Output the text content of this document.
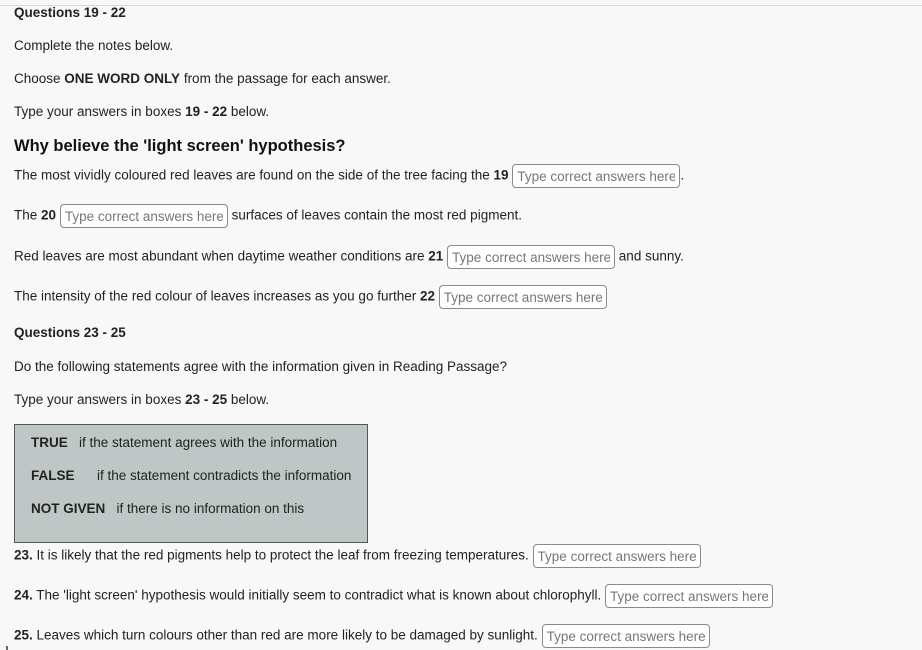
Questions 19 - 22
Complete the notes below.
Choose ONE WORD ONLY from the passage for each answer.
Type your answers in boxes 19 - 22 below.
Why believe the 'light screen' hypothesis?
The most vividly coloured red leaves are found on the side of the tree facing the 19 Type correct answers here.	.
The 20 Type correct answers here.	surfaces of leaves contain the most red pigment.
Red leaves are most abundant when daytime weather conditions are 21 Type correct answers here.	and sunny.
The intensity of the red colour of leaves increases as you go further 22 Type correct answers here.
Questions 23 - 25
Do the following statements agree with the information given in Reading Passage?
Type your answers in boxes 23 - 25 below.
TRUE if the statement agrees with the information
FALSE if the statement contradicts the information
NOT GIVEN if there is no information on this
23. It is likely that the red pigments help to protect the leaf from freezing temperatures. Type correct answers here.
24. The 'light screen' hypothesis would initially seem to contradict what is known about chlorophyll. Type correct answers here.
25. Leaves which turn colours other than red are more likely to be damaged by sunlight. Type correct answers here.
